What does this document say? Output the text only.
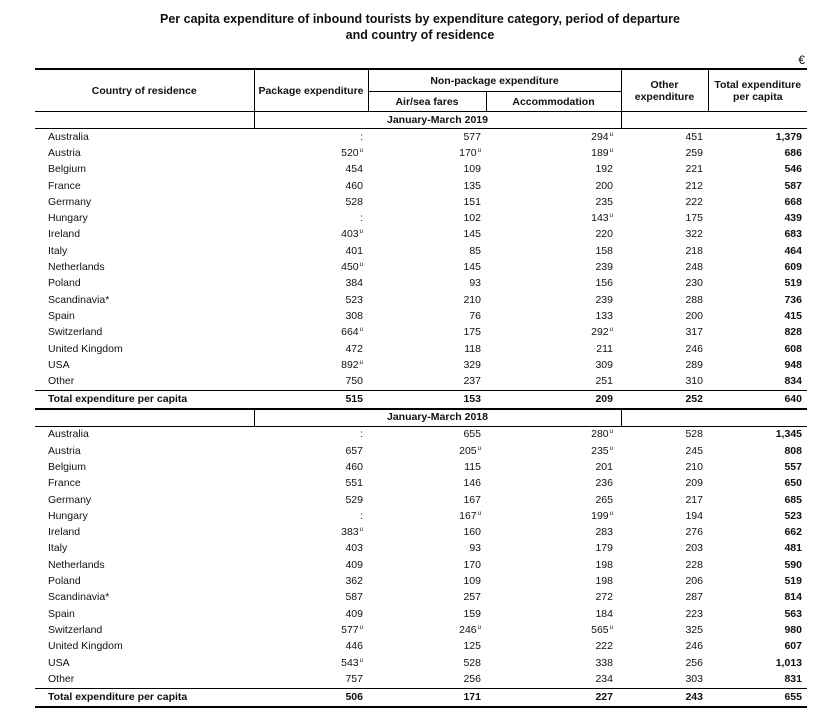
Per capita expenditure of inbound tourists by expenditure category, period of departure
and country of residence
€
Country of residence	Package expenditure	Non-package expenditure		Other expenditure	Total expenditure per capita
		Air/sea fares	Accommodation		
	January-March 2019				
Australia	:	577	294$^u$	451	1,379
Austria	520$^u$	170$^u$	189$^u$	259	686
Belgium	454	109	192	221	546
France	460	135	200	212	587
Germany	528	151	235	222	668
Hungary	:	102	143$^u$	175	439
Ireland	403$^u$	145	220	322	683
Italy	401	85	158	218	464
Netherlands	450$^u$	145	239	248	609
Poland	384	93	156	230	519
Scandinavia*	523	210	239	288	736
Spain	308	76	133	200	415
Switzerland	664$^u$	175	292$^u$	317	828
United Kingdom	472	118	211	246	608
USA	892$^u$	329	309	289	948
Other	750	237	251	310	834
Total expenditure per capita	515	153	209	252	640
	January-March 2018				
Australia	:	655	280$^u$	528	1,345
Austria	657	205$^u$	235$^u$	245	808
Belgium	460	115	201	210	557
France	551	146	236	209	650
Germany	529	167	265	217	685
Hungary	:	167$^u$	199$^u$	194	523
Ireland	383$^u$	160	283	276	662
Italy	403	93	179	203	481
Netherlands	409	170	198	228	590
Poland	362	109	198	206	519
Scandinavia*	587	257	272	287	814
Spain	409	159	184	223	563
Switzerland	577$^u$	246$^u$	565$^u$	325	980
United Kingdom	446	125	222	246	607
USA	543$^u$	528	338	256	1,013
Other	757	256	234	303	831
Total expenditure per capita	506	171	227	243	655
